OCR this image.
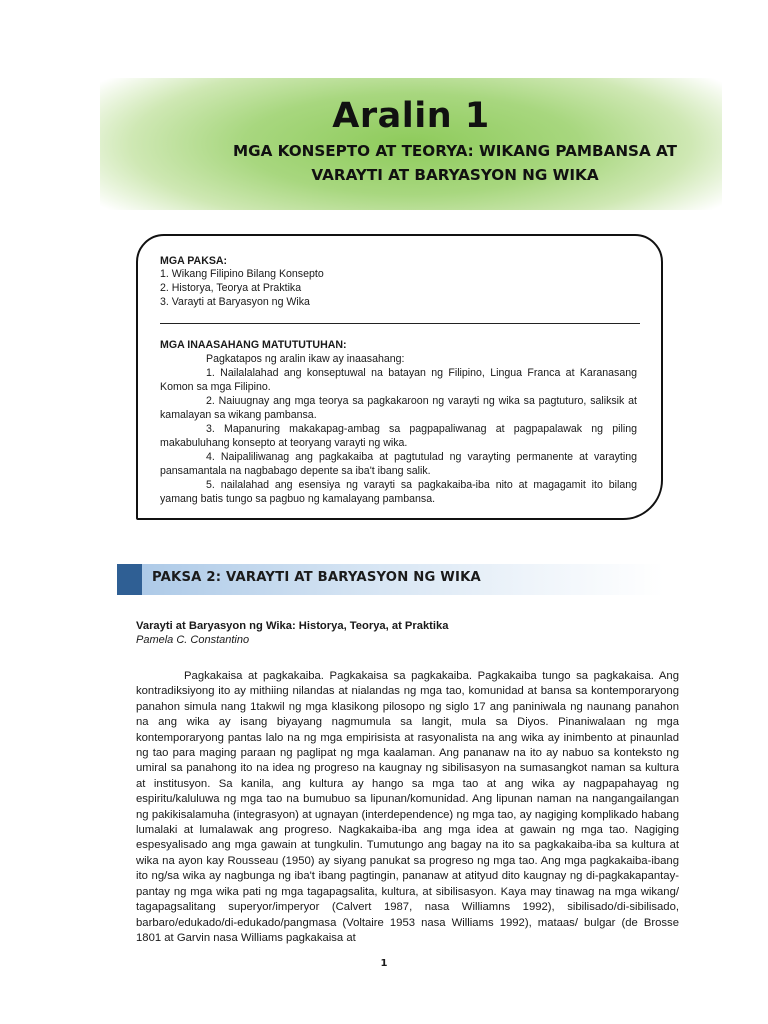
Aralin 1
MGA KONSEPTO AT TEORYA: WIKANG PAMBANSA AT VARAYTI AT BARYASYON NG WIKA
MGA PAKSA:
1. Wikang Filipino Bilang Konsepto
2. Historya, Teorya at Praktika
3. Varayti at Baryasyon ng Wika
MGA INAASAHANG MATUTUTUHAN:

Pagkatapos ng aralin ikaw ay inaasahang:

1. Nailalalahad ang konseptuwal na batayan ng Filipino, Lingua Franca at Karanasang Komon sa mga Filipino.

2. Naiuugnay ang mga teorya sa pagkakaroon ng varayti ng wika sa pagtuturo, saliksik at kamalayan sa wikang pambansa.

3. Mapanuring makakapag-ambag sa pagpapaliwanag at pagpapalawak ng piling makabuluhang konsepto at teoryang varayti ng wika.

4. Naipaliliwanag ang pagkakaiba at pagtutulad ng varayting permanente at varayting pansamantala na nagbabago depente sa iba't ibang salik.

5. nailalahad ang esensiya ng varayti sa pagkakaiba-iba nito at magagamit ito bilang yamang batis tungo sa pagbuo ng kamalayang pambansa.

PAKSA 2: VARAYTI AT BARYASYON NG WIKA
Varayti at Baryasyon ng Wika: Historya, Teorya, at Praktika
Pamela C. Constantino

Pagkakaisa at pagkakaiba. Pagkakaisa sa pagkakaiba. Pagkakaiba tungo sa pagkakaisa. Ang kontradiksiyong ito ay mithiing nilandas at nialandas ng mga tao, komunidad at bansa sa kontemporaryong panahon simula nang 1takwil ng mga klasikong pilosopo ng siglo 17 ang paniniwala ng naunang panahon na ang wika ay isang biyayang nagmumula sa langit, mula sa Diyos. Pinaniwalaan ng mga kontemporaryong pantas lalo na ng mga empirisista at rasyonalista na ang wika ay inimbento at pinaunlad ng tao para maging paraan ng paglipat ng mga kaalaman. Ang pananaw na ito ay nabuo sa konteksto ng umiral sa panahong ito na idea ng progreso na kaugnay ng sibilisasyon na sumasangkot naman sa kultura at institusyon. Sa kanila, ang kultura ay hango sa mga tao at ang wika ay nagpapahayag ng espiritu/kaluluwa ng mga tao na bumubuo sa lipunan/komunidad. Ang lipunan naman na nangangailangan ng pakikisalamuha (integrasyon) at ugnayan (interdependence) ng mga tao, ay nagiging komplikado habang lumalaki at lumalawak ang progreso. Nagkakaiba-iba ang mga idea at gawain ng mga tao. Nagiging espesyalisado ang mga gawain at tungkulin. Tumutungo ang bagay na ito sa pagkakaiba-iba sa kultura at wika na ayon kay Rousseau (1950) ay siyang panukat sa progreso ng mga tao. Ang mga pagkakaiba-ibang ito ng/sa wika ay nagbunga ng iba't ibang pagtingin, pananaw at atityud dito kaugnay ng di-pagkakapantay-pantay ng mga wika pati ng mga tagapagsalita, kultura, at sibilisasyon. Kaya may tinawag na mga wikang/ tagapagsalitang superyor/imperyor (Calvert 1987, nasa Williamns 1992), sibilisado/di-sibilisado, barbaro/edukado/di-edukado/pangmasa (Voltaire 1953 nasa Williams 1992), mataas/ bulgar (de Brosse 1801 at Garvin nasa Williams pagkakaisa at

1
